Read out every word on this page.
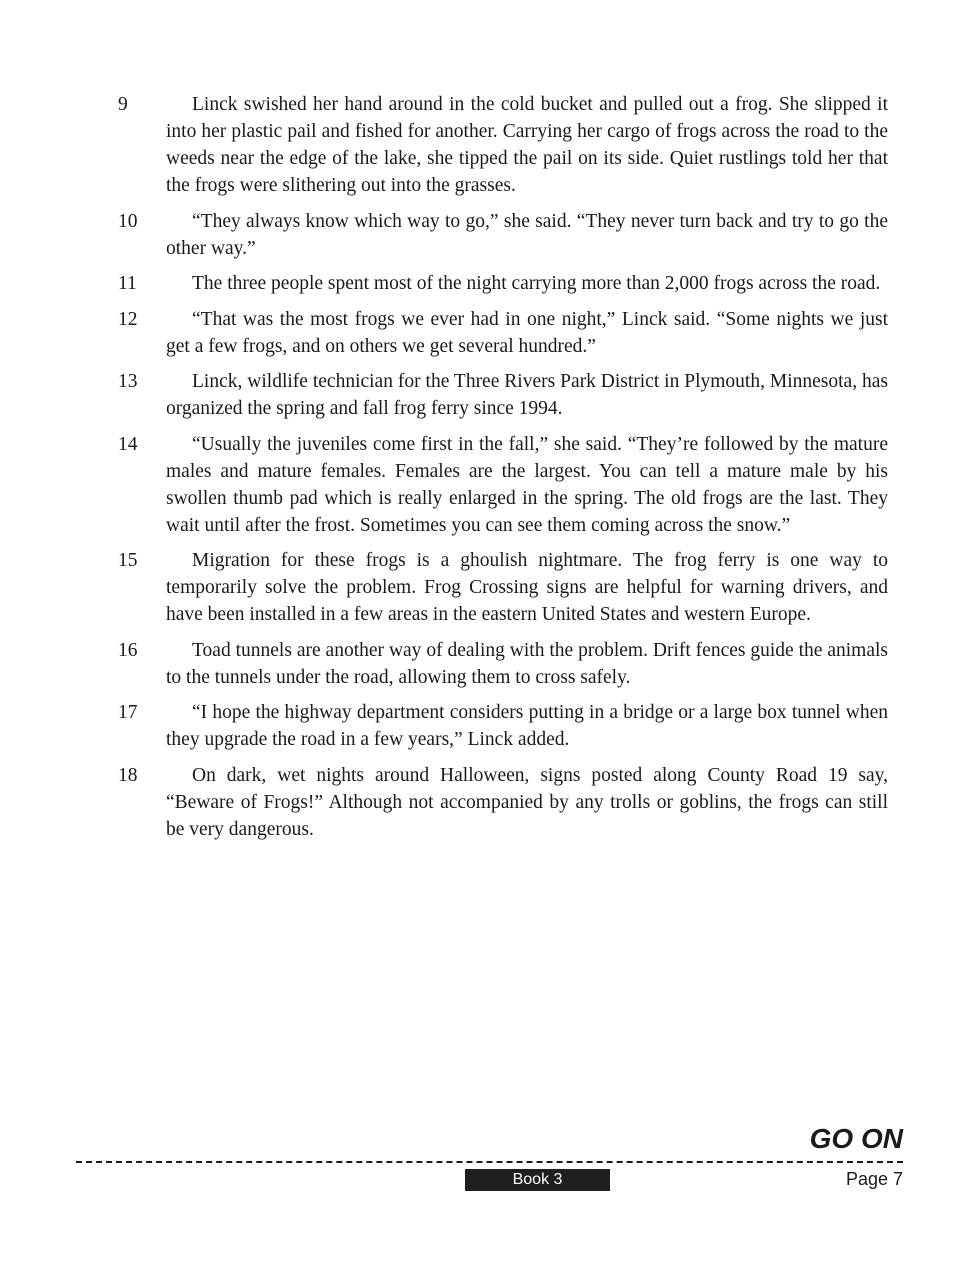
9	Linck swished her hand around in the cold bucket and pulled out a frog. She slipped it into her plastic pail and fished for another. Carrying her cargo of frogs across the road to the weeds near the edge of the lake, she tipped the pail on its side. Quiet rustlings told her that the frogs were slithering out into the grasses.

10	“They always know which way to go,” she said. “They never turn back and try to go the other way.”

11	The three people spent most of the night carrying more than 2,000 frogs across the road.

12	“That was the most frogs we ever had in one night,” Linck said. “Some nights we just get a few frogs, and on others we get several hundred.”

13	Linck, wildlife technician for the Three Rivers Park District in Plymouth, Minnesota, has organized the spring and fall frog ferry since 1994.

14	“Usually the juveniles come first in the fall,” she said. “They’re followed by the mature males and mature females. Females are the largest. You can tell a mature male by his swollen thumb pad which is really enlarged in the spring. The old frogs are the last. They wait until after the frost. Sometimes you can see them coming across the snow.”

15	Migration for these frogs is a ghoulish nightmare. The frog ferry is one way to temporarily solve the problem. Frog Crossing signs are helpful for warning drivers, and have been installed in a few areas in the eastern United States and western Europe.

16	Toad tunnels are another way of dealing with the problem. Drift fences guide the animals to the tunnels under the road, allowing them to cross safely.

17	“I hope the highway department considers putting in a bridge or a large box tunnel when they upgrade the road in a few years,” Linck added.

18	On dark, wet nights around Halloween, signs posted along County Road 19 say, “Beware of Frogs!” Although not accompanied by any trolls or goblins, the frogs can still be very dangerous.

GO ON
Book 3	Page 7
